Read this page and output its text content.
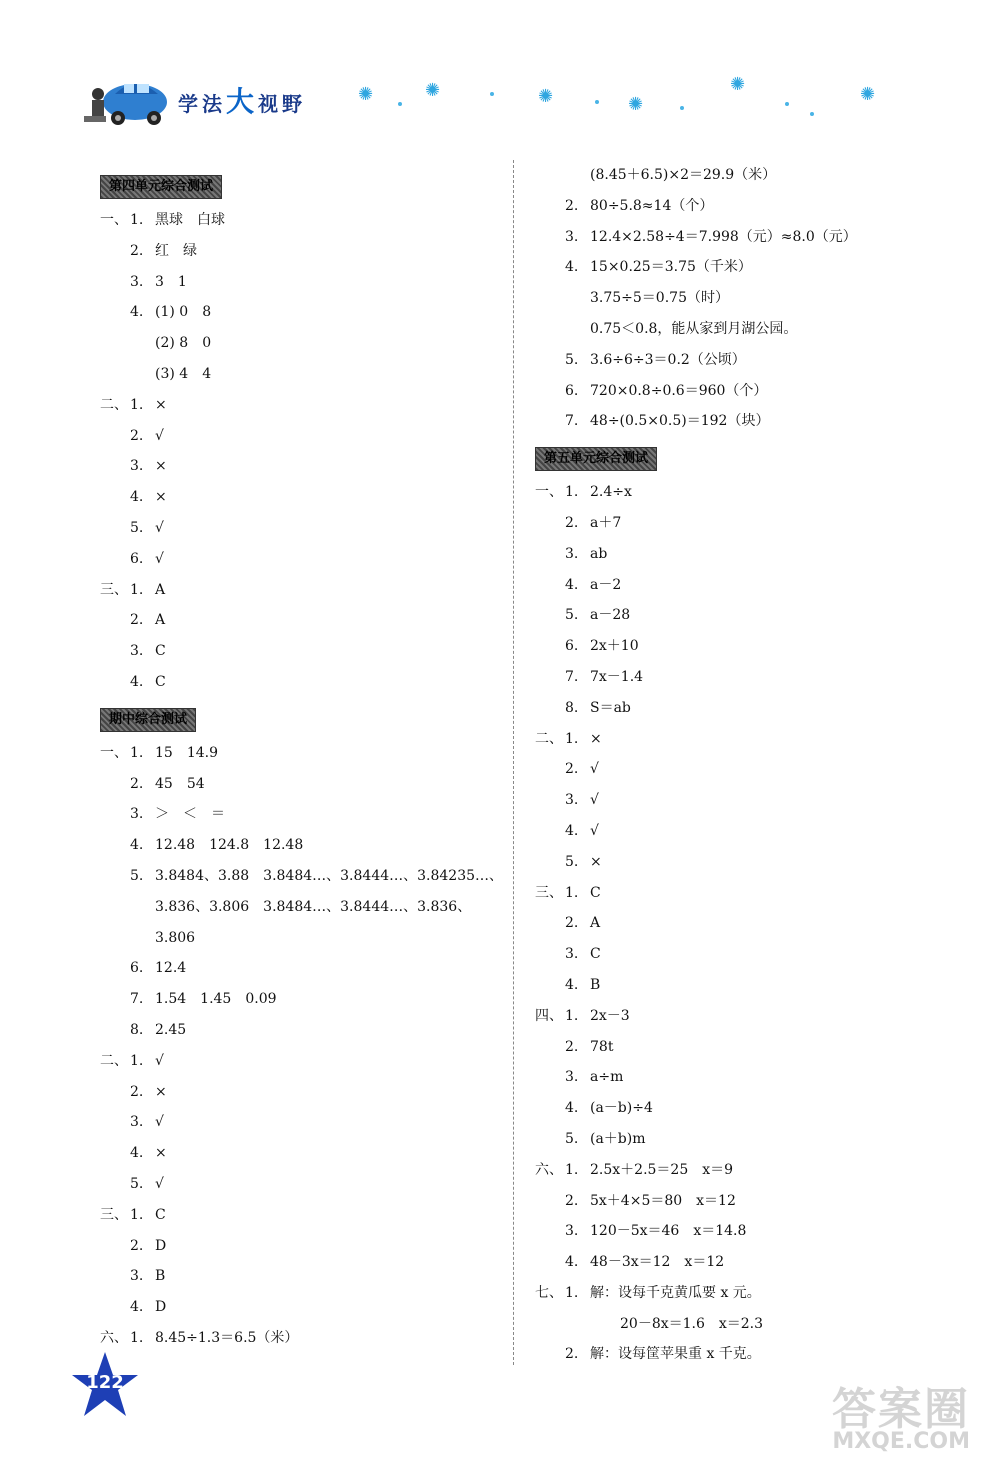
学法大视野	✺	✺	✺	✺
✺	✺
第四单元综合测试
一、 1. 黑球　白球
2. 红　绿
3. 3　1
4. (1) 0　8
(2) 8　0
(3) 4　4
二、 1. ×
2. √
3. ×
4. ×
5. √
6. √
三、 1. A
2. A
3. C
4. C
期中综合测试
一、 1. 15　14.9
2. 45　54
3. ＞　＜　＝
4. 12.48　124.8　12.48
5. 3.8484、3.88　3.8484…、3.8444…、3.84235…、
3.836、3.806　3.8484…、3.8444…、3.836、
3.806
6. 12.4
7. 1.54　1.45　0.09
8. 2.45
二、 1. √
2. ×
3. √
4. ×
5. √
三、 1. C
2. D
3. B
4. D
六、 1. 8.45÷1.3＝6.5（米）
(8.45＋6.5)×2＝29.9（米）
2. 80÷5.8≈14（个）
3. 12.4×2.58÷4＝7.998（元）≈8.0（元）
4. 15×0.25＝3.75（千米）
3.75÷5＝0.75（时）
0.75＜0.8，能从家到月湖公园。
5. 3.6÷6÷3＝0.2（公顷）
6. 720×0.8÷0.6＝960（个）
7. 48÷(0.5×0.5)＝192（块）
第五单元综合测试
一、 1. 2.4÷x
2. a＋7
3. ab
4. a－2
5. a－28
6. 2x＋10
7. 7x－1.4
8. S＝ab
二、 1. ×
2. √
3. √
4. √
5. ×
三、 1. C
2. A
3. C
4. B
四、 1. 2x－3
2. 78t
3. a÷m
4. (a－b)÷4
5. (a＋b)m
六、 1. 2.5x＋2.5＝25　x＝9
2. 5x＋4×5＝80　x＝12
3. 120－5x＝46　x＝14.8
4. 48－3x＝12　x＝12
七、 1. 解：设每千克黄瓜要 x 元。
20－8x＝1.6　x＝2.3
2. 解：设每筐苹果重 x 千克。
122
答案圈
MXQE.COM
